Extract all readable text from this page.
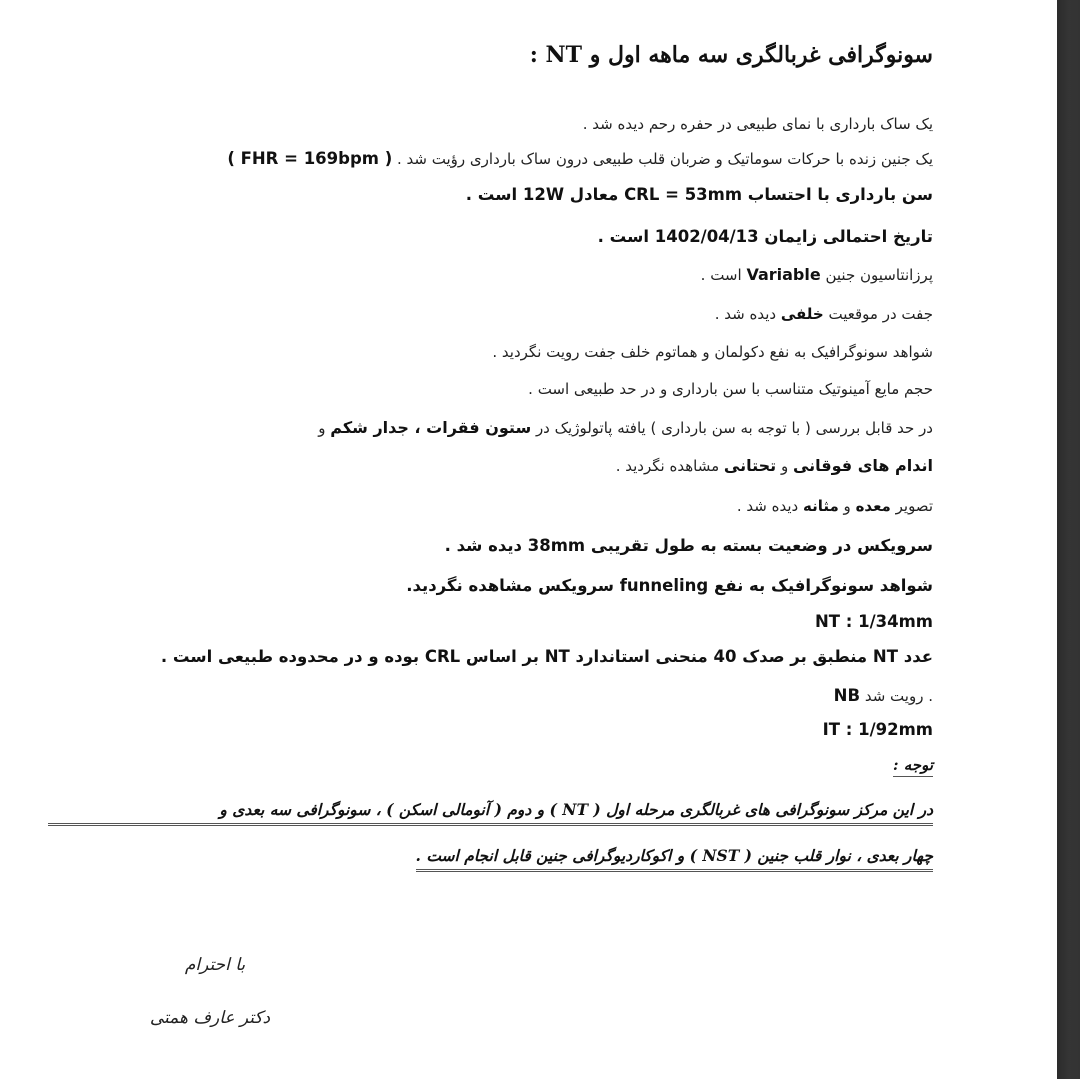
سونوگرافی غربالگری سه ماهه اول و NT :
یک ساک بارداری با نمای طبیعی در حفره رحم دیده شد .
یک جنین زنده با حرکات سوماتیک و ضربان قلب طبیعی درون ساک بارداری رؤیت شد . ( FHR = 169bpm )
سن بارداری با احتساب CRL = 53mm معادل 12W است .
تاریخ احتمالی زایمان 1402/04/13 است .
پرزانتاسیون جنین Variable است .
جفت در موقعیت خلفی دیده شد .
شواهد سونوگرافیک به نفع دکولمان و هماتوم خلف جفت رویت نگردید .
حجم مایع آمینوتیک متناسب با سن بارداری و در حد طبیعی است .
در حد قابل بررسی ( با توجه به سن بارداری ) یافته پاتولوژیک در ستون فقرات ، جدار شکم و
اندام های فوقانی و تحتانی مشاهده نگردید .
تصویر معده و مثانه دیده شد .
سرویکس در وضعیت بسته به طول تقریبی 38mm دیده شد .
شواهد سونوگرافیک به نفع funneling سرویکس مشاهده نگردید.
NT : 1/34mm
عدد NT منطبق بر صدک 40 منحنی استاندارد NT بر اساس CRL بوده و در محدوده طبیعی است .
NB رویت شد .
IT : 1/92mm
توجه :
در این مرکز سونوگرافی های غربالگری مرحله اول ( NT ) و دوم ( آنومالی اسکن ) ، سونوگرافی سه بعدی و
چهار بعدی ، نوار قلب جنین ( NST ) و اکوکاردیوگرافی جنین قابل انجام است .
با احترام
دکتر عارف همتی
